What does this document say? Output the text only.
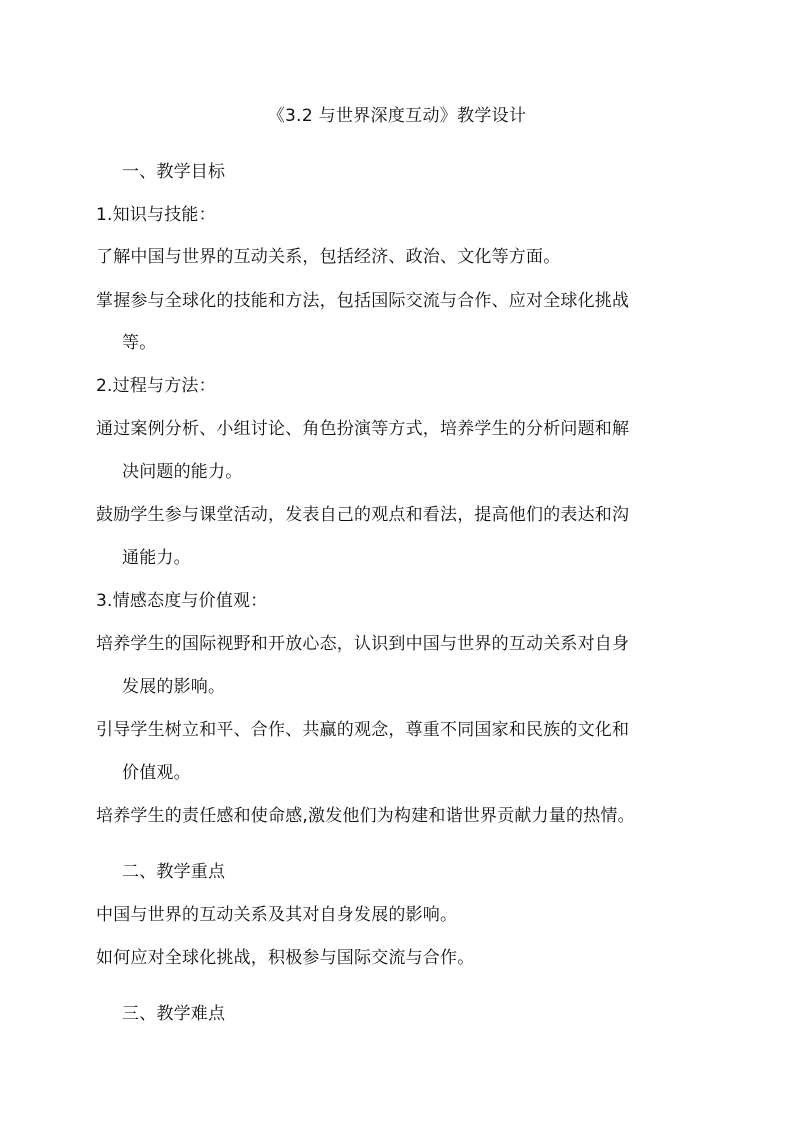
《3.2 与世界深度互动》教学设计
一、教学目标
1.知识与技能：
了解中国与世界的互动关系，包括经济、政治、文化等方面。
掌握参与全球化的技能和方法，包括国际交流与合作、应对全球化挑战
等。
2.过程与方法：
通过案例分析、小组讨论、角色扮演等方式，培养学生的分析问题和解
决问题的能力。
鼓励学生参与课堂活动，发表自己的观点和看法，提高他们的表达和沟
通能力。
3.情感态度与价值观：
培养学生的国际视野和开放心态，认识到中国与世界的互动关系对自身
发展的影响。
引导学生树立和平、合作、共赢的观念，尊重不同国家和民族的文化和
价值观。
培养学生的责任感和使命感,激发他们为构建和谐世界贡献力量的热情。
二、教学重点
中国与世界的互动关系及其对自身发展的影响。
如何应对全球化挑战，积极参与国际交流与合作。
三、教学难点
